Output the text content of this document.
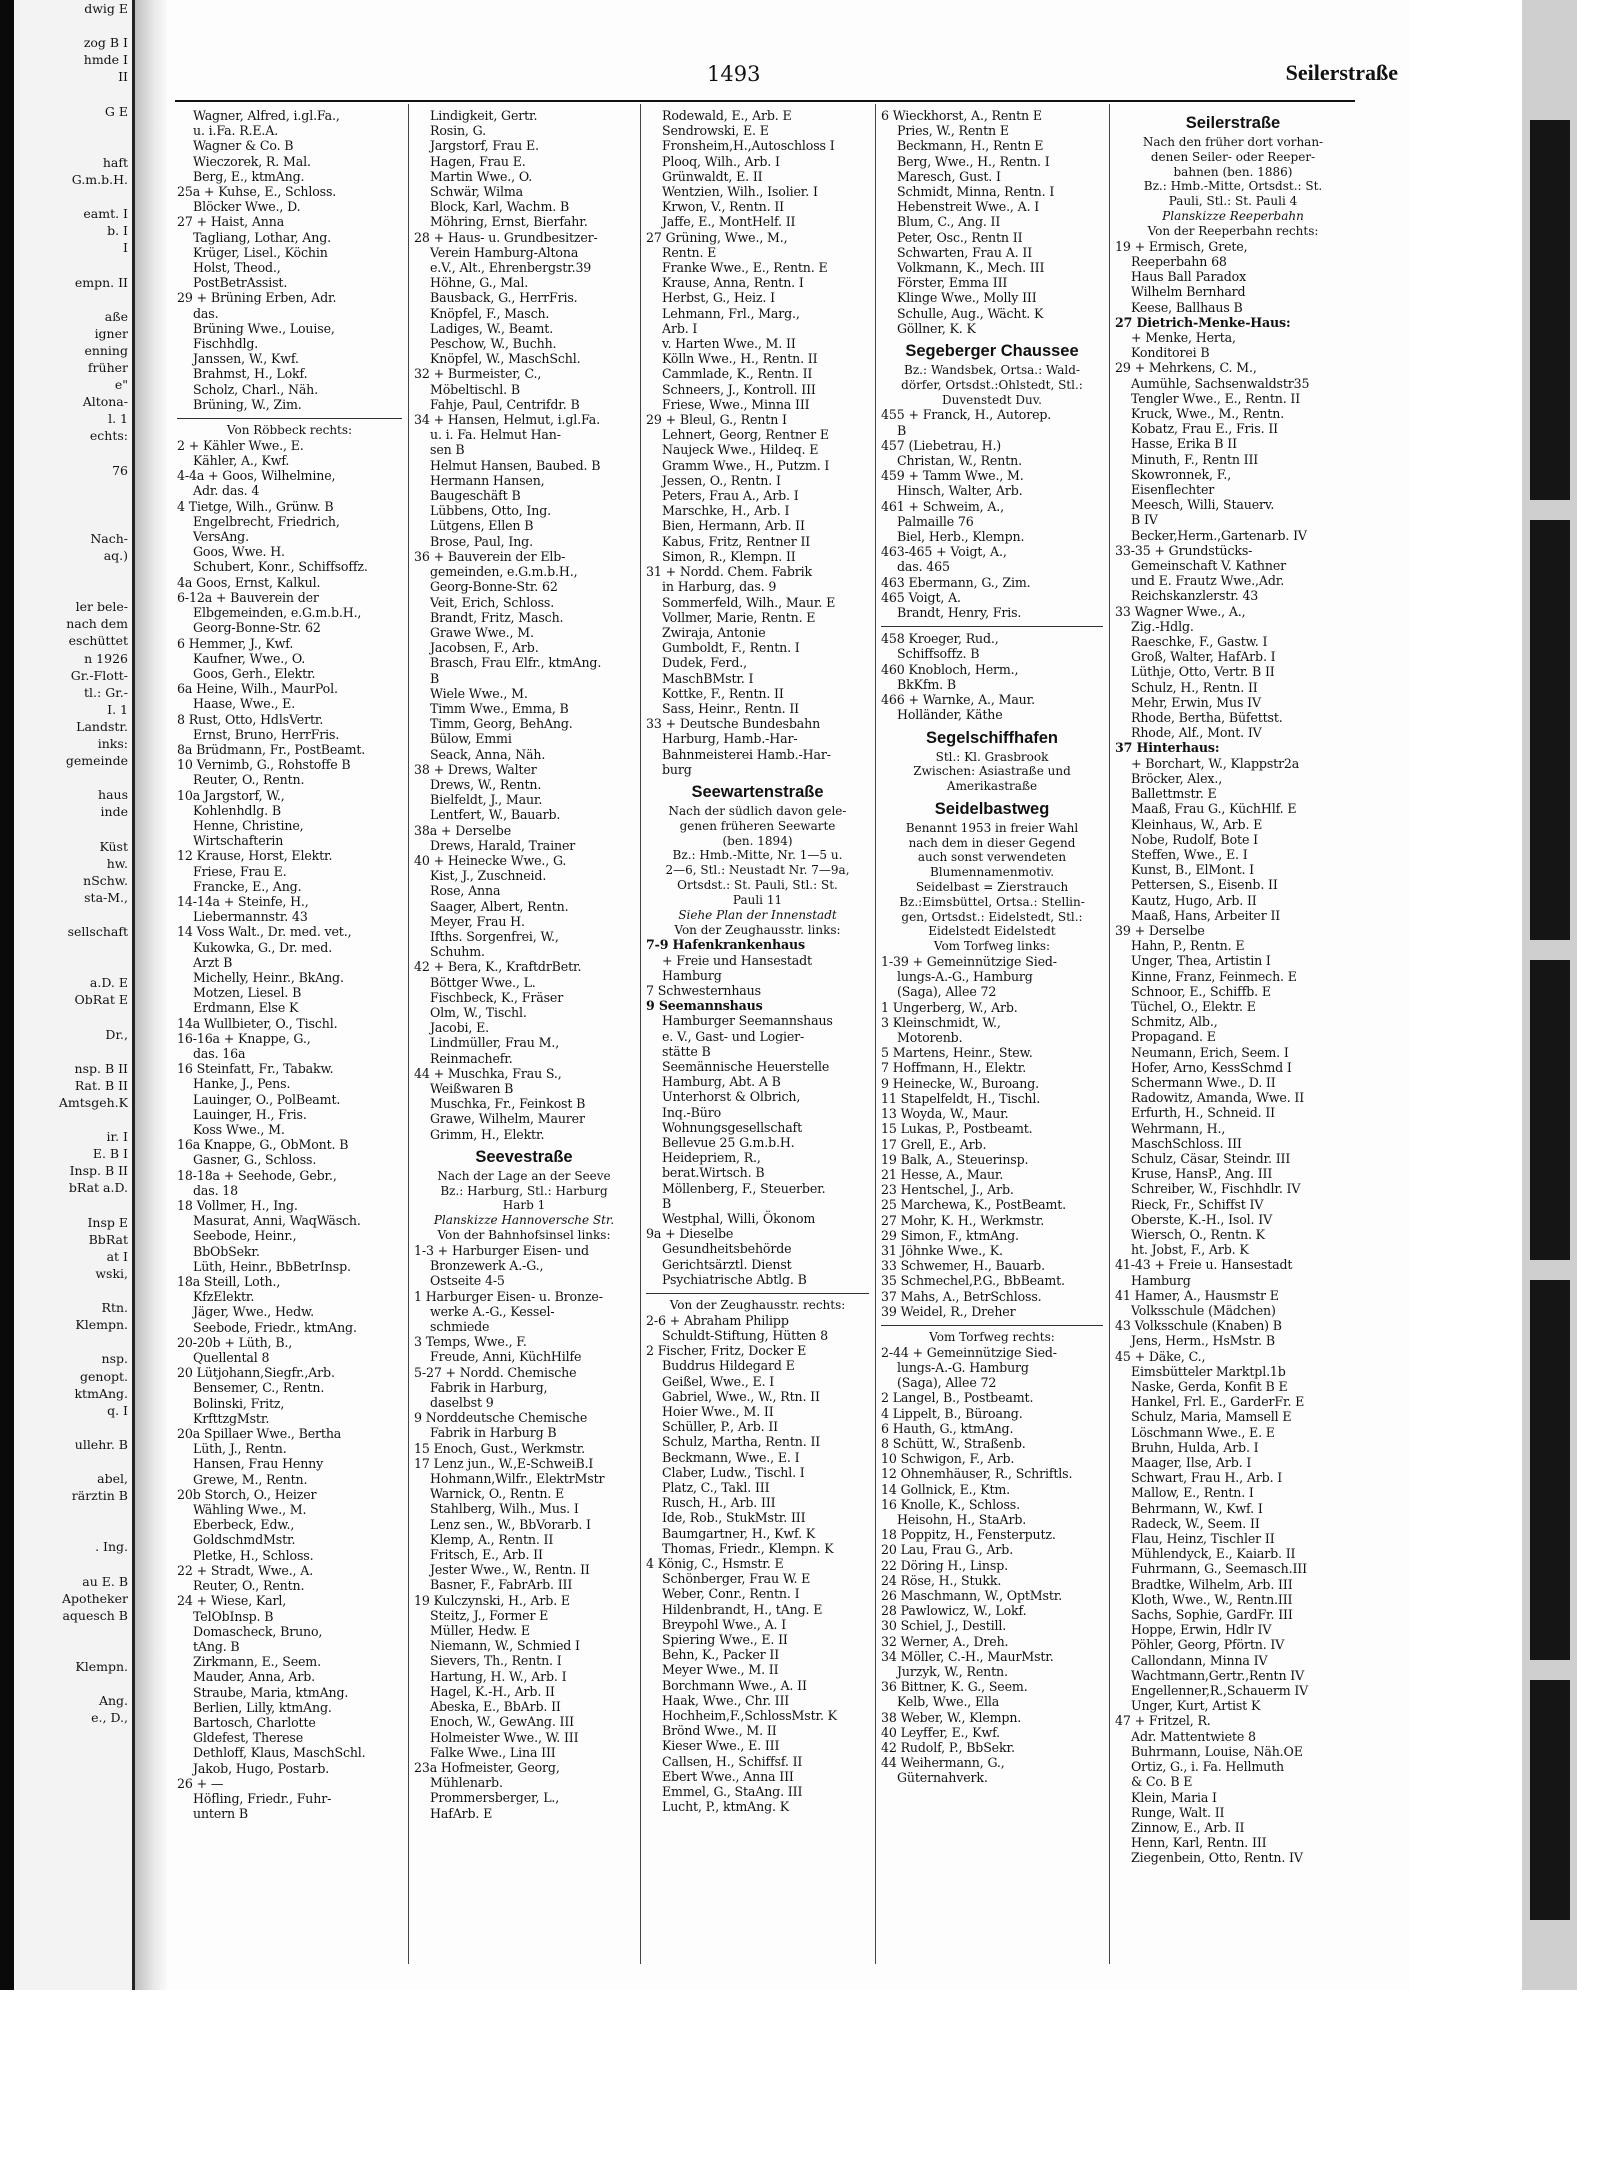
dwig E

zog B I
hmde I
II

G E

haft
G.m.b.H.

eamt. I
b. I
I

empn. II

aße
igner
enning
früher
e"
Altona-
l. 1
echts:

76

Nach-
aq.)

ler bele-
nach dem
eschüttet
n 1926
Gr.-Flott-
tl.: Gr.-
I. 1
Landstr.
inks:
gemeinde

haus
inde

Küst
hw.
nSchw.
sta-M.,

sellschaft

a.D. E
ObRat E

Dr.,

nsp. B II
Rat. B II
Amtsgeh.K

ir. I
E. B I
Insp. B II
bRat a.D.

Insp E
BbRat
at I
wski,

Rtn.
Klempn.

nsp.
genopt.
ktmAng.
q. I

ullehr. B

abel,
rärztin B

. Ing.

au E. B
Apotheker
aquesch B

Klempn.

Ang.
e., D.,
1493	Seilerstraße
Wagner, Alfred, i.gl.Fa.,
u. i.Fa. R.E.A.
Wagner & Co. B
Wieczorek, R. Mal.
Berg, E., ktmAng.
25a + Kuhse, E., Schloss.
Blöcker Wwe., D.
27 + Haist, Anna
Tagliang, Lothar, Ang.
Krüger, Lisel., Köchin
Holst, Theod.,
PostBetrAssist.
29 + Brüning Erben, Adr.
das.
Brüning Wwe., Louise,
Fischhdlg.
Janssen, W., Kwf.
Brahmst, H., Lokf.
Scholz, Charl., Näh.
Brüning, W., Zim.
Von Röbbeck rechts:
2 + Kähler Wwe., E.
Kähler, A., Kwf.
4-4a + Goos, Wilhelmine,
Adr. das. 4
4 Tietge, Wilh., Grünw. B
Engelbrecht, Friedrich,
VersAng.
Goos, Wwe. H.
Schubert, Konr., Schiffsoffz.
4a Goos, Ernst, Kalkul.
6-12a + Bauverein der
Elbgemeinden, e.G.m.b.H.,
Georg-Bonne-Str. 62
6 Hemmer, J., Kwf.
Kaufner, Wwe., O.
Goos, Gerh., Elektr.
6a Heine, Wilh., MaurPol.
Haase, Wwe., E.
8 Rust, Otto, HdlsVertr.
Ernst, Bruno, HerrFris.
8a Brüdmann, Fr., PostBeamt.
10 Vernimb, G., Rohstoffe B
Reuter, O., Rentn.
10a Jargstorf, W.,
Kohlenhdlg. B
Henne, Christine,
Wirtschafterin
12 Krause, Horst, Elektr.
Friese, Frau E.
Francke, E., Ang.
14-14a + Steinfe, H.,
Liebermannstr. 43
14 Voss Walt., Dr. med. vet.,
Kukowka, G., Dr. med.
Arzt B
Michelly, Heinr., BkAng.
Motzen, Liesel. B
Erdmann, Else K
14a Wullbieter, O., Tischl.
16-16a + Knappe, G.,
das. 16a
16 Steinfatt, Fr., Tabakw.
Hanke, J., Pens.
Lauinger, O., PolBeamt.
Lauinger, H., Fris.
Koss Wwe., M.
16a Knappe, G., ObMont. B
Gasner, G., Schloss.
18-18a + Seehode, Gebr.,
das. 18
18 Vollmer, H., Ing.
Masurat, Anni, WaqWäsch.
Seebode, Heinr.,
BbObSekr.
Lüth, Heinr., BbBetrInsp.
18a Steill, Loth.,
KfzElektr.
Jäger, Wwe., Hedw.
Seebode, Friedr., ktmAng.
20-20b + Lüth, B.,
Quellental 8
20 Lütjohann,Siegfr.,Arb.
Bensemer, C., Rentn.
Bolinski, Fritz,
KrfttzgMstr.
20a Spillaer Wwe., Bertha
Lüth, J., Rentn.
Hansen, Frau Henny
Grewe, M., Rentn.
20b Storch, O., Heizer
Wähling Wwe., M.
Eberbeck, Edw.,
GoldschmdMstr.
Pletke, H., Schloss.
22 + Stradt, Wwe., A.
Reuter, O., Rentn.
24 + Wiese, Karl,
TelObInsp. B
Domascheck, Bruno,
tAng. B
Zirkmann, E., Seem.
Mauder, Anna, Arb.
Straube, Maria, ktmAng.
Berlien, Lilly, ktmAng.
Bartosch, Charlotte
Gldefest, Therese
Dethloff, Klaus, MaschSchl.
Jakob, Hugo, Postarb.
26 + —
Höfling, Friedr., Fuhr-
untern B
Lindigkeit, Gertr.
Rosin, G.
Jargstorf, Frau E.
Hagen, Frau E.
Martin Wwe., O.
Schwär, Wilma
Block, Karl, Wachm. B
Möhring, Ernst, Bierfahr.
28 + Haus- u. Grundbesitzer-
Verein Hamburg-Altona
e.V., Alt., Ehrenbergstr.39
Höhne, G., Mal.
Bausback, G., HerrFris.
Knöpfel, F., Masch.
Ladiges, W., Beamt.
Peschow, W., Buchh.
Knöpfel, W., MaschSchl.
32 + Burmeister, C.,
Möbeltischl. B
Fahje, Paul, Centrifdr. B
34 + Hansen, Helmut, i.gl.Fa.
u. i. Fa. Helmut Han-
sen B
Helmut Hansen, Baubed. B
Hermann Hansen,
Baugeschäft B
Lübbens, Otto, Ing.
Lütgens, Ellen B
Brose, Paul, Ing.
36 + Bauverein der Elb-
gemeinden, e.G.m.b.H.,
Georg-Bonne-Str. 62
Veit, Erich, Schloss.
Brandt, Fritz, Masch.
Grawe Wwe., M.
Jacobsen, F., Arb.
Brasch, Frau Elfr., ktmAng.
B
Wiele Wwe., M.
Timm Wwe., Emma, B
Timm, Georg, BehAng.
Bülow, Emmi
Seack, Anna, Näh.
38 + Drews, Walter
Drews, W., Rentn.
Bielfeldt, J., Maur.
Lentfert, W., Bauarb.
38a + Derselbe
Drews, Harald, Trainer
40 + Heinecke Wwe., G.
Kist, J., Zuschneid.
Rose, Anna
Saager, Albert, Rentn.
Meyer, Frau H.
Ifths. Sorgenfrei, W.,
Schuhm.
42 + Bera, K., KraftdrBetr.
Böttger Wwe., L.
Fischbeck, K., Fräser
Olm, W., Tischl.
Jacobi, E.
Lindmüller, Frau M.,
Reinmachefr.
44 + Muschka, Frau S.,
Weißwaren B
Muschka, Fr., Feinkost B
Grawe, Wilhelm, Maurer
Grimm, H., Elektr.
Seevestraße
Nach der Lage an der Seeve
Bz.: Harburg, Stl.: Harburg
Harb 1
Planskizze Hannoversche Str.
Von der Bahnhofsinsel links:
1-3 + Harburger Eisen- und
Bronzewerk A.-G.,
Ostseite 4-5
1 Harburger Eisen- u. Bronze-
werke A.-G., Kessel-
schmiede
3 Temps, Wwe., F.
Freude, Anni, KüchHilfe
5-27 + Nordd. Chemische
Fabrik in Harburg,
daselbst 9
9 Norddeutsche Chemische
Fabrik in Harburg B
15 Enoch, Gust., Werkmstr.
17 Lenz jun., W.,E-SchweiB.I
Hohmann,Wilfr., ElektrMstr
Warnick, O., Rentn. E
Stahlberg, Wilh., Mus. I
Lenz sen., W., BbVorarb. I
Klemp, A., Rentn. II
Fritsch, E., Arb. II
Jester Wwe., W., Rentn. II
Basner, F., FabrArb. III
19 Kulczynski, H., Arb. E
Steitz, J., Former E
Müller, Hedw. E
Niemann, W., Schmied I
Sievers, Th., Rentn. I
Hartung, H. W., Arb. I
Hagel, K.-H., Arb. II
Abeska, E., BbArb. II
Enoch, W., GewAng. III
Holmeister Wwe., W. III
Falke Wwe., Lina III
23a Hofmeister, Georg,
Mühlenarb.
Prommersberger, L.,
HafArb. E
Rodewald, E., Arb. E
Sendrowski, E. E
Fronsheim,H.,Autoschloss I
Plooq, Wilh., Arb. I
Grünwaldt, E. II
Wentzien, Wilh., Isolier. I
Krwon, V., Rentn. II
Jaffe, E., MontHelf. II
27 Grüning, Wwe., M.,
Rentn. E
Franke Wwe., E., Rentn. E
Krause, Anna, Rentn. I
Herbst, G., Heiz. I
Lehmann, Frl., Marg.,
Arb. I
v. Harten Wwe., M. II
Kölln Wwe., H., Rentn. II
Cammlade, K., Rentn. II
Schneers, J., Kontroll. III
Friese, Wwe., Minna III
29 + Bleul, G., Rentn I
Lehnert, Georg, Rentner E
Naujeck Wwe., Hildeq. E
Gramm Wwe., H., Putzm. I
Jessen, O., Rentn. I
Peters, Frau A., Arb. I
Marschke, H., Arb. I
Bien, Hermann, Arb. II
Kabus, Fritz, Rentner II
Simon, R., Klempn. II
31 + Nordd. Chem. Fabrik
in Harburg, das. 9
Sommerfeld, Wilh., Maur. E
Vollmer, Marie, Rentn. E
Zwiraja, Antonie
Gumboldt, F., Rentn. I
Dudek, Ferd.,
MaschBMstr. I
Kottke, F., Rentn. II
Sass, Heinr., Rentn. II
33 + Deutsche Bundesbahn
Harburg, Hamb.-Har-
Bahnmeisterei Hamb.-Har-
burg
Seewartenstraße
Nach der südlich davon gele-
genen früheren Seewarte
(ben. 1894)
Bz.: Hmb.-Mitte, Nr. 1—5 u.
2—6, Stl.: Neustadt Nr. 7—9a,
Ortsdst.: St. Pauli, Stl.: St.
Pauli 11
Siehe Plan der Innenstadt
Von der Zeughausstr. links:
7-9 Hafenkrankenhaus
+ Freie und Hansestadt
Hamburg
7 Schwesternhaus
9 Seemannshaus
Hamburger Seemannshaus
e. V., Gast- und Logier-
stätte B
Seemännische Heuerstelle
Hamburg, Abt. A B
Unterhorst & Olbrich,
Inq.-Büro
Wohnungsgesellschaft
Bellevue 25 G.m.b.H.
Heidepriem, R.,
berat.Wirtsch. B
Möllenberg, F., Steuerber.
B
Westphal, Willi, Ökonom
9a + Dieselbe
Gesundheitsbehörde
Gerichtsärztl. Dienst
Psychiatrische Abtlg. B
Von der Zeughausstr. rechts:
2-6 + Abraham Philipp
Schuldt-Stiftung, Hütten 8
2 Fischer, Fritz, Docker E
Buddrus Hildegard E
Geißel, Wwe., E. I
Gabriel, Wwe., W., Rtn. II
Hoier Wwe., M. II
Schüller, P., Arb. II
Schulz, Martha, Rentn. II
Beckmann, Wwe., E. I
Claber, Ludw., Tischl. I
Platz, C., Takl. III
Rusch, H., Arb. III
Ide, Rob., StukMstr. III
Baumgartner, H., Kwf. K
Thomas, Friedr., Klempn. K
4 König, C., Hsmstr. E
Schönberger, Frau W. E
Weber, Conr., Rentn. I
Hildenbrandt, H., tAng. E
Breypohl Wwe., A. I
Spiering Wwe., E. II
Behn, K., Packer II
Meyer Wwe., M. II
Borchmann Wwe., A. II
Haak, Wwe., Chr. III
Hochheim,F.,SchlossMstr. K
Brönd Wwe., M. II
Kieser Wwe., E. III
Callsen, H., Schiffsf. II
Ebert Wwe., Anna III
Emmel, G., StaAng. III
Lucht, P., ktmAng. K
6 Wieckhorst, A., Rentn E
Pries, W., Rentn E
Beckmann, H., Rentn E
Berg, Wwe., H., Rentn. I
Maresch, Gust. I
Schmidt, Minna, Rentn. I
Hebenstreit Wwe., A. I
Blum, C., Ang. II
Peter, Osc., Rentn II
Schwarten, Frau A. II
Volkmann, K., Mech. III
Förster, Emma III
Klinge Wwe., Molly III
Schulle, Aug., Wächt. K
Göllner, K. K
Segeberger Chaussee
Bz.: Wandsbek, Ortsa.: Wald-
dörfer, Ortsdst.:Ohlstedt, Stl.:
Duvenstedt Duv.
455 + Franck, H., Autorep.
B
457 (Liebetrau, H.)
Christan, W., Rentn.
459 + Tamm Wwe., M.
Hinsch, Walter, Arb.
461 + Schweim, A.,
Palmaille 76
Biel, Herb., Klempn.
463-465 + Voigt, A.,
das. 465
463 Ebermann, G., Zim.
465 Voigt, A.
Brandt, Henry, Fris.
458 Kroeger, Rud.,
Schiffsoffz. B
460 Knobloch, Herm.,
BkKfm. B
466 + Warnke, A., Maur.
Holländer, Käthe
Segelschiffhafen
Stl.: Kl. Grasbrook
Zwischen: Asiastraße und
Amerikastraße
Seidelbastweg
Benannt 1953 in freier Wahl
nach dem in dieser Gegend
auch sonst verwendeten
Blumennamenmotiv.
Seidelbast = Zierstrauch
Bz.:Eimsbüttel, Ortsa.: Stellin-
gen, Ortsdst.: Eidelstedt, Stl.:
Eidelstedt Eidelstedt
Vom Torfweg links:
1-39 + Gemeinnützige Sied-
lungs-A.-G., Hamburg
(Saga), Allee 72
1 Ungerberg, W., Arb.
3 Kleinschmidt, W.,
Motorenb.
5 Martens, Heinr., Stew.
7 Hoffmann, H., Elektr.
9 Heinecke, W., Buroang.
11 Stapelfeldt, H., Tischl.
13 Woyda, W., Maur.
15 Lukas, P., Postbeamt.
17 Grell, E., Arb.
19 Balk, A., Steuerinsp.
21 Hesse, A., Maur.
23 Hentschel, J., Arb.
25 Marchewa, K., PostBeamt.
27 Mohr, K. H., Werkmstr.
29 Simon, F., ktmAng.
31 Jöhnke Wwe., K.
33 Schwemer, H., Bauarb.
35 Schmechel,P.G., BbBeamt.
37 Mahs, A., BetrSchloss.
39 Weidel, R., Dreher
Vom Torfweg rechts:
2-44 + Gemeinnützige Sied-
lungs-A.-G. Hamburg
(Saga), Allee 72
2 Langel, B., Postbeamt.
4 Lippelt, B., Büroang.
6 Hauth, G., ktmAng.
8 Schütt, W., Straßenb.
10 Schwigon, F., Arb.
12 Ohnemhäuser, R., Schriftls.
14 Gollnick, E., Ktm.
16 Knolle, K., Schloss.
Heisohn, H., StaArb.
18 Poppitz, H., Fensterputz.
20 Lau, Frau G., Arb.
22 Döring H., Linsp.
24 Röse, H., Stukk.
26 Maschmann, W., OptMstr.
28 Pawlowicz, W., Lokf.
30 Schiel, J., Destill.
32 Werner, A., Dreh.
34 Möller, C.-H., MaurMstr.
Jurzyk, W., Rentn.
36 Bittner, K. G., Seem.
Kelb, Wwe., Ella
38 Weber, W., Klempn.
40 Leyffer, E., Kwf.
42 Rudolf, P., BbSekr.
44 Weihermann, G.,
Güternahverk.
Seilerstraße
Nach den früher dort vorhan-
denen Seiler- oder Reeper-
bahnen (ben. 1886)
Bz.: Hmb.-Mitte, Ortsdst.: St.
Pauli, Stl.: St. Pauli 4
Planskizze Reeperbahn
Von der Reeperbahn rechts:
19 + Ermisch, Grete,
Reeperbahn 68
Haus Ball Paradox
Wilhelm Bernhard
Keese, Ballhaus B
27 Dietrich-Menke-Haus:
+ Menke, Herta,
Konditorei B
29 + Mehrkens, C. M.,
Aumühle, Sachsenwaldstr35
Tengler Wwe., E., Rentn. II
Kruck, Wwe., M., Rentn.
Kobatz, Frau E., Fris. II
Hasse, Erika B II
Minuth, F., Rentn III
Skowronnek, F.,
Eisenflechter
Meesch, Willi, Stauerv.
B IV
Becker,Herm.,Gartenarb. IV
33-35 + Grundstücks-
Gemeinschaft V. Kathner
und E. Frautz Wwe.,Adr.
Reichskanzlerstr. 43
33 Wagner Wwe., A.,
Zig.-Hdlg.
Raeschke, F., Gastw. I
Groß, Walter, HafArb. I
Lüthje, Otto, Vertr. B II
Schulz, H., Rentn. II
Mehr, Erwin, Mus IV
Rhode, Bertha, Büfettst.
Rhode, Alf., Mont. IV
37 Hinterhaus:
+ Borchart, W., Klappstr2a
Bröcker, Alex.,
Ballettmstr. E
Maaß, Frau G., KüchHlf. E
Kleinhaus, W., Arb. E
Nobe, Rudolf, Bote I
Steffen, Wwe., E. I
Kunst, B., ElMont. I
Pettersen, S., Eisenb. II
Kautz, Hugo, Arb. II
Maaß, Hans, Arbeiter II
39 + Derselbe
Hahn, P., Rentn. E
Unger, Thea, Artistin I
Kinne, Franz, Feinmech. E
Schnoor, E., Schiffb. E
Tüchel, O., Elektr. E
Schmitz, Alb.,
Propagand. E
Neumann, Erich, Seem. I
Hofer, Arno, KessSchmd I
Schermann Wwe., D. II
Radowitz, Amanda, Wwe. II
Erfurth, H., Schneid. II
Wehrmann, H.,
MaschSchloss. III
Schulz, Cäsar, Steindr. III
Kruse, HansP., Ang. III
Schreiber, W., Fischhdlr. IV
Rieck, Fr., Schiffst IV
Oberste, K.-H., Isol. IV
Wiersch, O., Rentn. K
ht. Jobst, F., Arb. K
41-43 + Freie u. Hansestadt
Hamburg
41 Hamer, A., Hausmstr E
Volksschule (Mädchen)
43 Volksschule (Knaben) B
Jens, Herm., HsMstr. B
45 + Däke, C.,
Eimsbütteler Marktpl.1b
Naske, Gerda, Konfit B E
Hankel, Frl. E., GarderFr. E
Schulz, Maria, Mamsell E
Löschmann Wwe., E. E
Bruhn, Hulda, Arb. I
Maager, Ilse, Arb. I
Schwart, Frau H., Arb. I
Mallow, E., Rentn. I
Behrmann, W., Kwf. I
Radeck, W., Seem. II
Flau, Heinz, Tischler II
Mühlendyck, E., Kaiarb. II
Fuhrmann, G., Seemasch.III
Bradtke, Wilhelm, Arb. III
Kloth, Wwe., W., Rentn.III
Sachs, Sophie, GardFr. III
Hoppe, Erwin, Hdlr IV
Pöhler, Georg, Pförtn. IV
Callondann, Minna IV
Wachtmann,Gertr.,Rentn IV
Engellenner,R.,Schauerm IV
Unger, Kurt, Artist K
47 + Fritzel, R.
Adr. Mattentwiete 8
Buhrmann, Louise, Näh.OE
Ortiz, G., i. Fa. Hellmuth
& Co. B E
Klein, Maria I
Runge, Walt. II
Zinnow, E., Arb. II
Henn, Karl, Rentn. III
Ziegenbein, Otto, Rentn. IV
